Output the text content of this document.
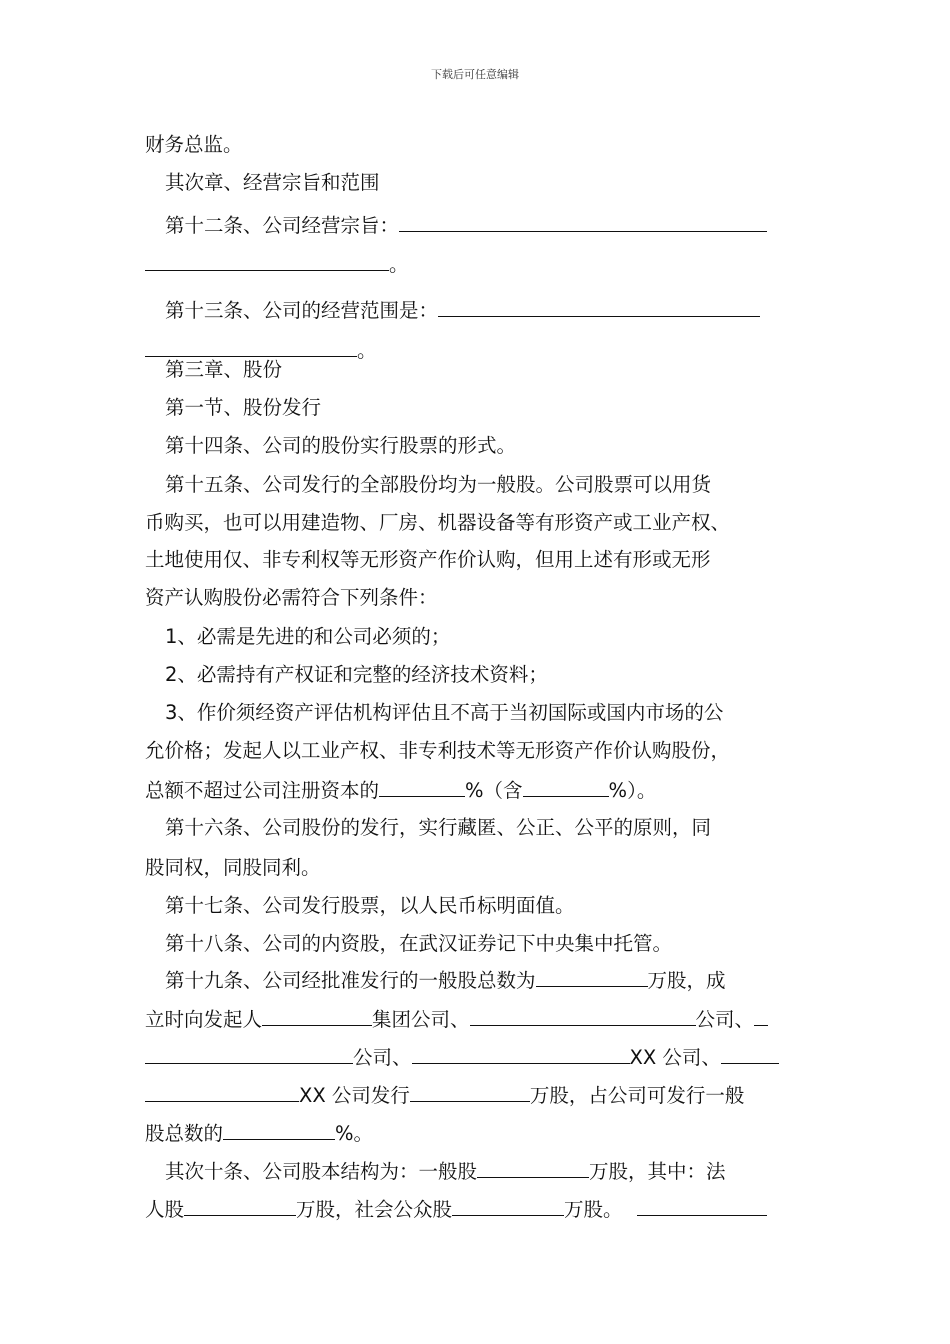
下载后可任意编辑
财务总监。
其次章、经营宗旨和范围
第十二条、公司经营宗旨：
。
第十三条、公司的经营范围是：
。
第三章、股份
第一节、股份发行
第十四条、公司的股份实行股票的形式。
第十五条、公司发行的全部股份均为一般股。公司股票可以用货
币购买，也可以用建造物、厂房、机器设备等有形资产或工业产权、
土地使用仅、非专利权等无形资产作价认购，但用上述有形或无形
资产认购股份必需符合下列条件：
1、必需是先进的和公司必须的；
2、必需持有产权证和完整的经济技术资料；
3、作价须经资产评估机构评估且不高于当初国际或国内市场的公
允价格；发起人以工业产权、非专利技术等无形资产作价认购股份，
总额不超过公司注册资本的	%（含	%）。
第十六条、公司股份的发行，实行藏匿、公正、公平的原则，同
股同权，同股同利。
第十七条、公司发行股票，以人民币标明面值。
第十八条、公司的内资股，在武汉证券记下中央集中托管。
第十九条、公司经批准发行的一般股总数为	万股，成
立时向发起人	集团公司、	公司、
公司、	XX 公司、
XX 公司发行	万股，占公司可发行一般
股总数的	%。
其次十条、公司股本结构为：一般股	万股，其中：法
人股	万股，社会公众股	万股。
